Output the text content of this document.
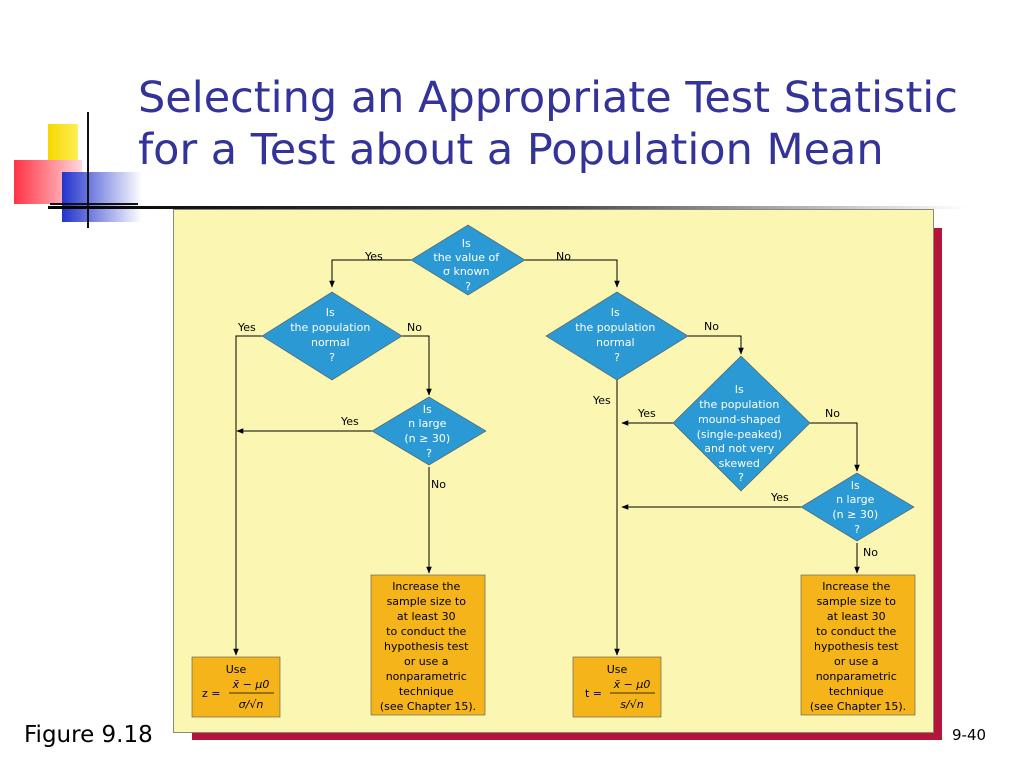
Selecting an Appropriate Test Statistic
for a Test about a Population Mean
Yes	No
Yes	No
Yes
No
Yes
No
Yes	No
Yes
No
Is the value of σ known ?
Is the population normal ?
Is n large (n ≥ 30) ?
Is the population normal ?
Is the population mound-shaped (single-peaked) and not very skewed ?
Is n large (n ≥ 30) ?
Increase the sample size to at least 30 to conduct the hypothesis test or use a nonparametric technique (see Chapter 15).
Increase the sample size to at least 30 to conduct the hypothesis test or use a nonparametric technique (see Chapter 15).
Use
z =
x̄ − μ0
σ/√n
Use
t =
x̄ − μ0
s/√n
Figure 9.18	9-40
